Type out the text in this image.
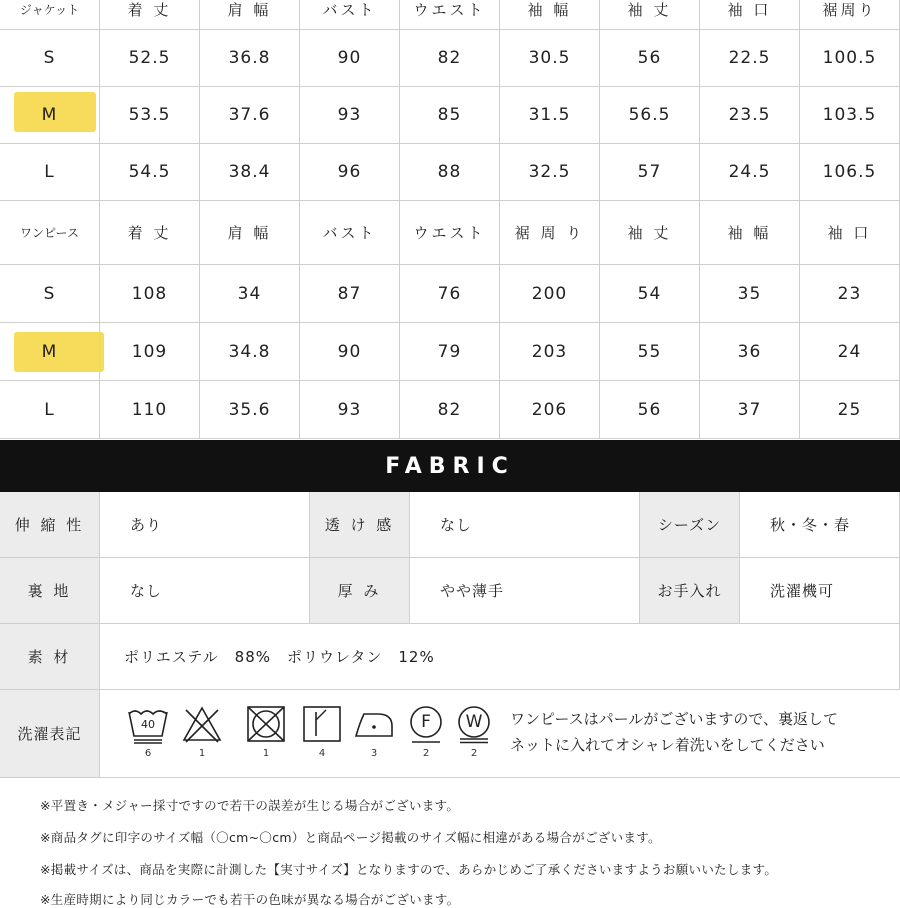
ジャケット	着 丈	肩 幅	バスト	ウエスト	袖 幅	袖 丈	袖 口	裾周り
S	52.5	36.8	90	82	30.5	56	22.5	100.5
M	53.5	37.6	93	85	31.5	56.5	23.5	103.5
L	54.5	38.4	96	88	32.5	57	24.5	106.5
ワンピース	着 丈	肩 幅	バスト	ウエスト	裾 周 り	袖 丈	袖 幅	袖 口
S	108	34	87	76	200	54	35	23
M	109	34.8	90	79	203	55	36	24
L	110	35.6	93	82	206	56	37	25
FABRIC
伸 縮 性	あり	透 け 感	なし	シーズン	秋・冬・春
裏 地	なし	厚 み	やや薄手	お手入れ	洗濯機可
素 材	ポリエステル　88%　ポリウレタン　12%
洗濯表記
40
6	1	1	4	3
F
2
W
2
ワンピースはパールがございますので、裏返して
ネットに入れてオシャレ着洗いをしてください
※平置き・メジャー採寸ですので若干の誤差が生じる場合がございます。
※商品タグに印字のサイズ幅（〇cm~〇cm）と商品ページ掲載のサイズ幅に相違がある場合がございます。
※掲載サイズは、商品を実際に計測した【実寸サイズ】となりますので、あらかじめご了承くださいますようお願いいたします。
※生産時期により同じカラーでも若干の色味が異なる場合がございます。
